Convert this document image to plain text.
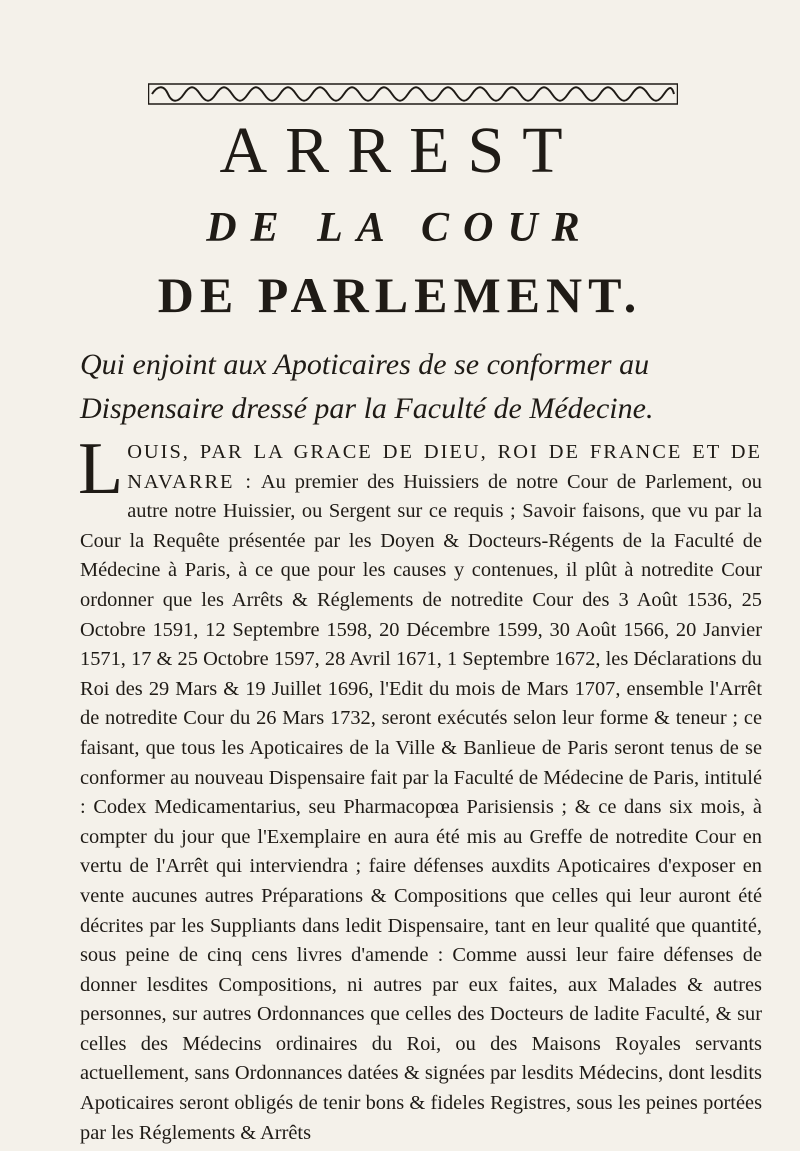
ARREST
DE LA COUR
DE PARLEMENT.
Qui enjoint aux Apoticaires de se conformer au Dispensaire dressé par la Faculté de Médecine.
L OUIS, PAR LA GRACE DE DIEU, ROI DE FRANCE ET DE NAVARRE : Au premier des Huissiers de notre Cour de Parlement, ou autre notre Huissier, ou Sergent sur ce requis ; Savoir faisons, que vu par la Cour la Requête présentée par les Doyen & Docteurs-Régents de la Faculté de Médecine à Paris, à ce que pour les causes y contenues, il plût à notredite Cour ordonner que les Arrêts & Réglements de notredite Cour des 3 Août 1536, 25 Octobre 1591, 12 Septembre 1598, 20 Décembre 1599, 30 Août 1566, 20 Janvier 1571, 17 & 25 Octobre 1597, 28 Avril 1671, 1 Septembre 1672, les Déclarations du Roi des 29 Mars & 19 Juillet 1696, l'Edit du mois de Mars 1707, ensemble l'Arrêt de notredite Cour du 26 Mars 1732, seront exécutés selon leur forme & teneur ; ce faisant, que tous les Apoticaires de la Ville & Banlieue de Paris seront tenus de se conformer au nouveau Dispensaire fait par la Faculté de Médecine de Paris, intitulé : Codex Medicamentarius, seu Pharmacopœa Parisiensis ; & ce dans six mois, à compter du jour que l'Exemplaire en aura été mis au Greffe de notredite Cour en vertu de l'Arrêt qui interviendra ; faire défenses auxdits Apoticaires d'exposer en vente aucunes autres Préparations & Compositions que celles qui leur auront été décrites par les Suppliants dans ledit Dispensaire, tant en leur qualité que quantité, sous peine de cinq cens livres d'amende : Comme aussi leur faire défenses de donner lesdites Compositions, ni autres par eux faites, aux Malades & autres personnes, sur autres Ordonnances que celles des Docteurs de ladite Faculté, & sur celles des Médecins ordinaires du Roi, ou des Maisons Royales servants actuellement, sans Ordonnances datées & signées par lesdits Médecins, dont lesdits Apoticaires seront obligés de tenir bons & fideles Registres, sous les peines portées par les Réglements & Arrêts
